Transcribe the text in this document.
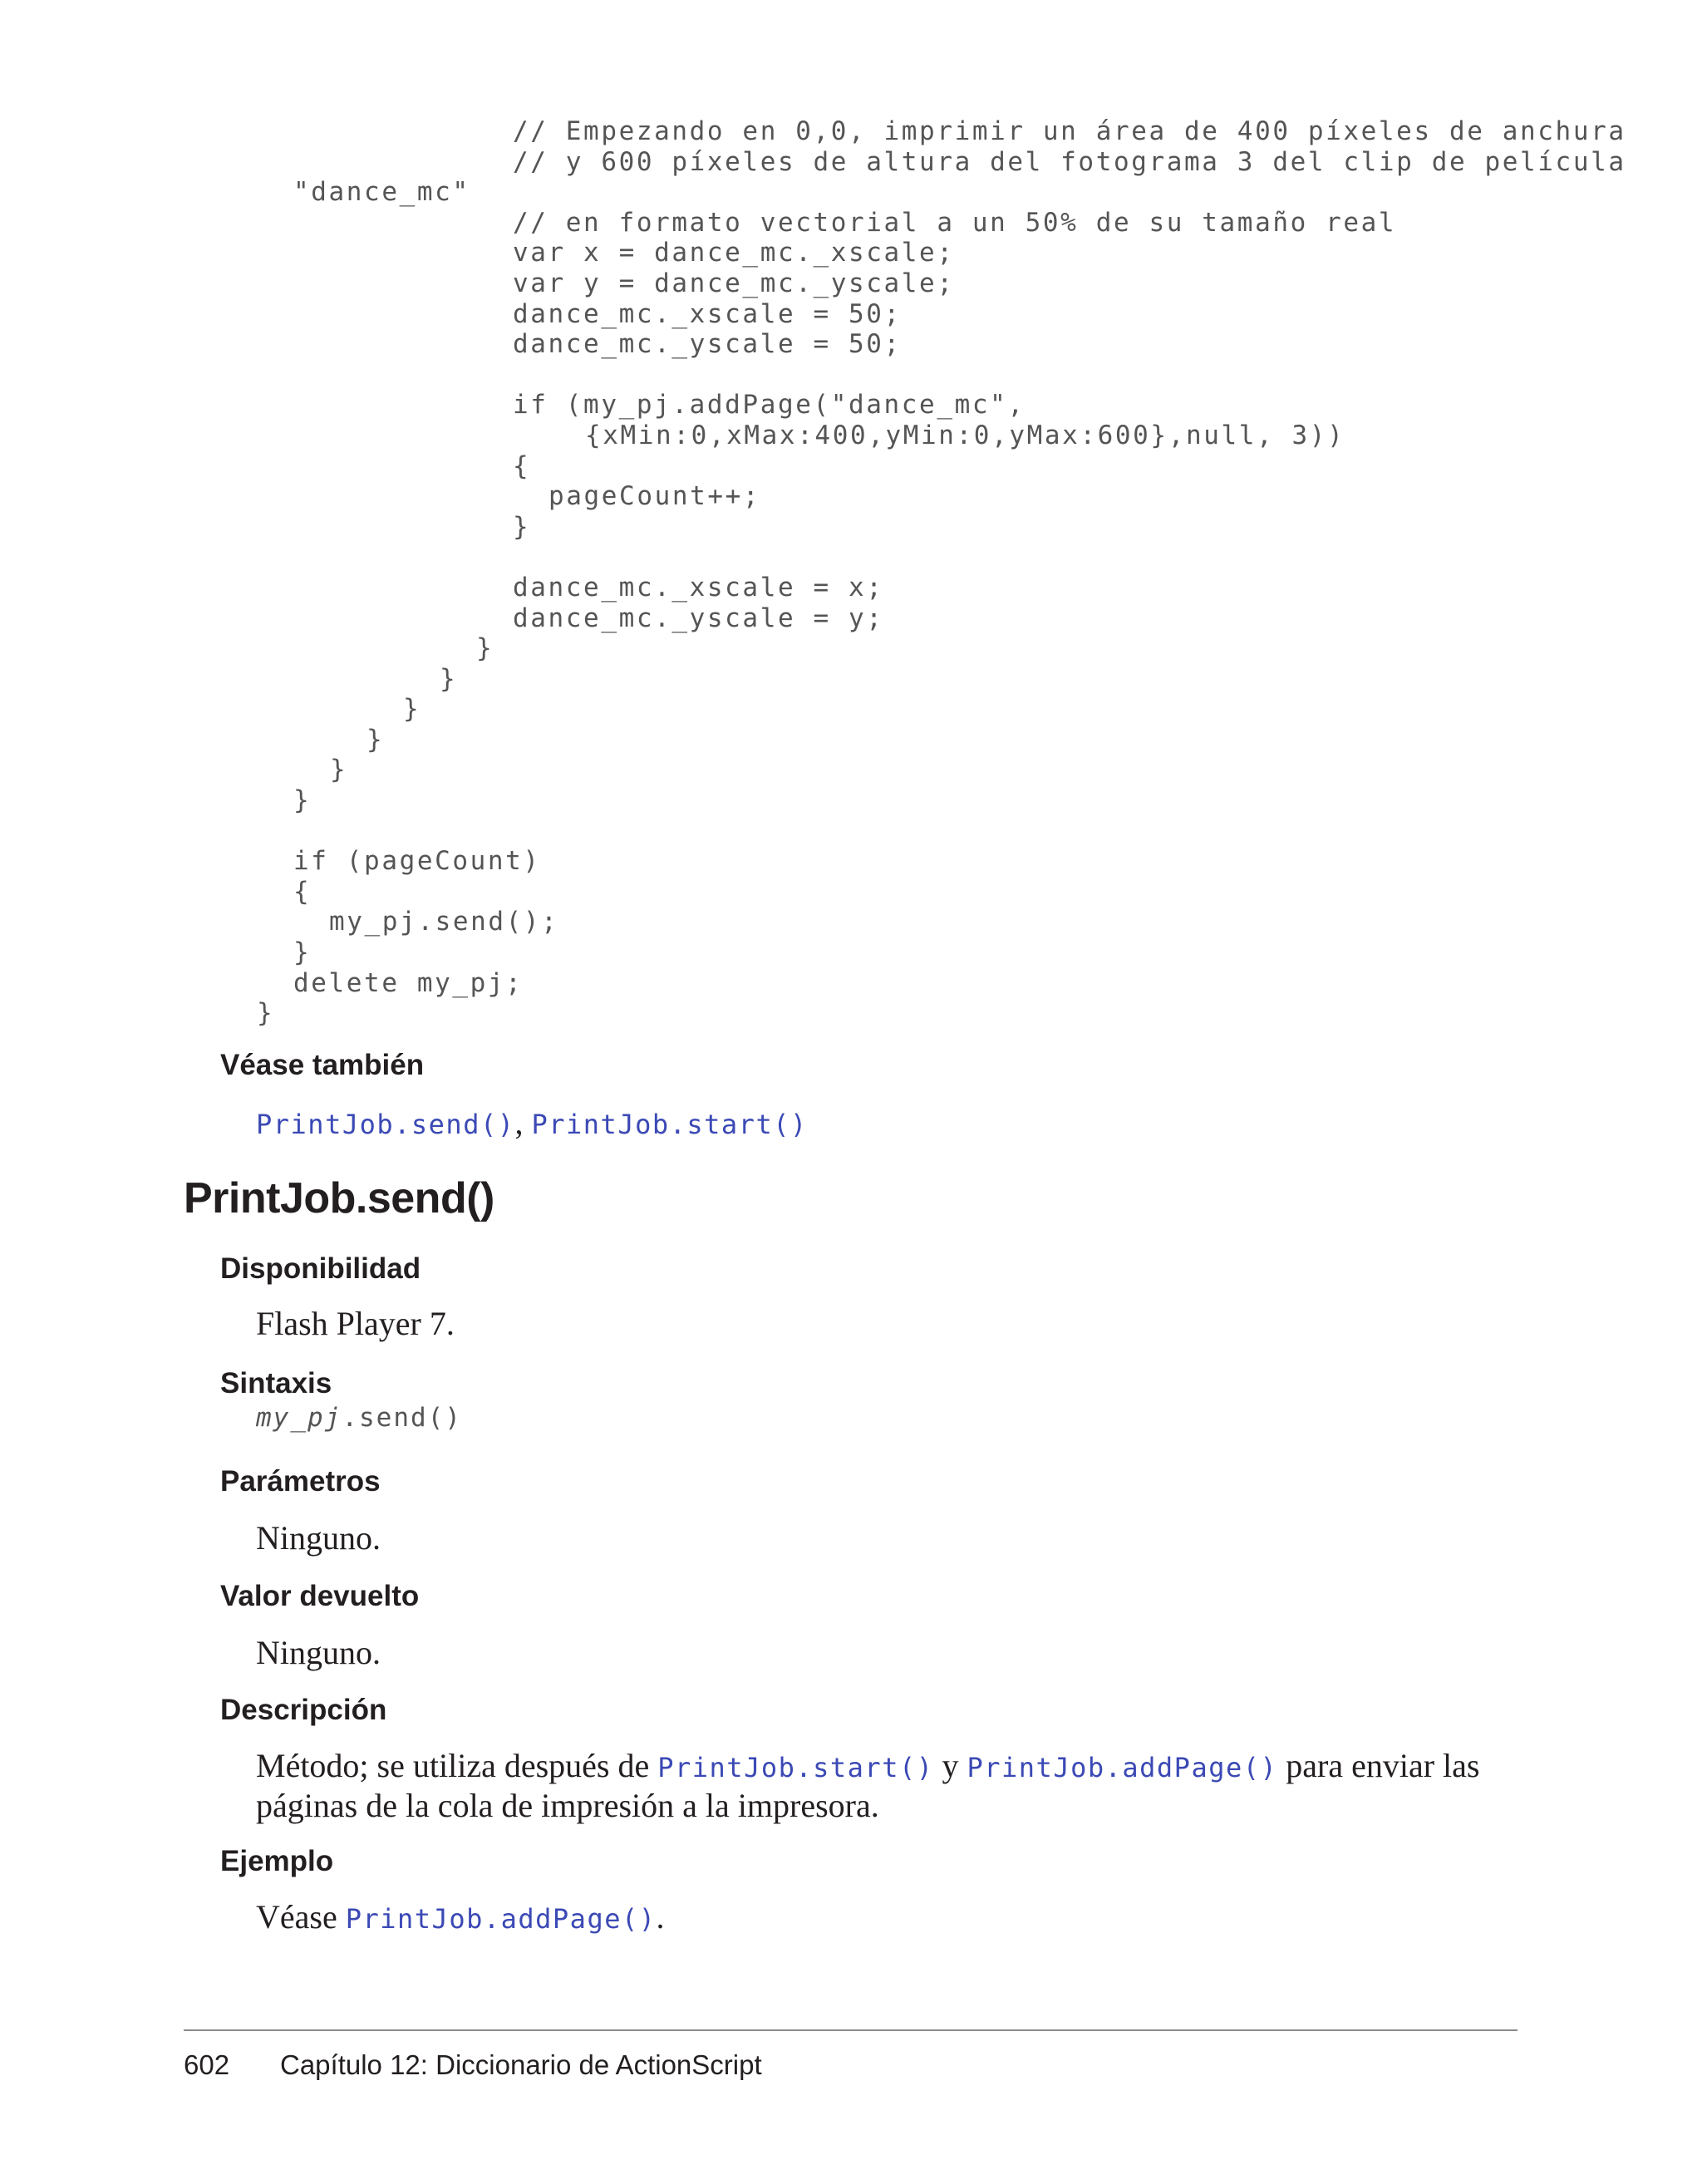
// Empezando en 0,0, imprimir un área de 400 píxeles de anchura
// y 600 píxeles de altura del fotograma 3 del clip de película
"dance_mc"
// en formato vectorial a un 50% de su tamaño real
var x = dance_mc._xscale;
var y = dance_mc._yscale;
dance_mc._xscale = 50;
dance_mc._yscale = 50;
if (my_pj.addPage("dance_mc",
{xMin:0,xMax:400,yMin:0,yMax:600},null, 3))
{
pageCount++;
}
dance_mc._xscale = x;
dance_mc._yscale = y;
}
}
}
}
}
}
if (pageCount)
{
my_pj.send();
}
delete my_pj;
}
Véase también

PrintJob.send(), PrintJob.start()

PrintJob.send()
Disponibilidad

Flash Player 7.

Sintaxis

my_pj.send()

Parámetros

Ninguno.

Valor devuelto

Ninguno.

Descripción

Método; se utiliza después de PrintJob.start() y PrintJob.addPage() para enviar las páginas de la cola de impresión a la impresora.

Ejemplo

Véase PrintJob.addPage().

602 Capítulo 12: Diccionario de ActionScript
